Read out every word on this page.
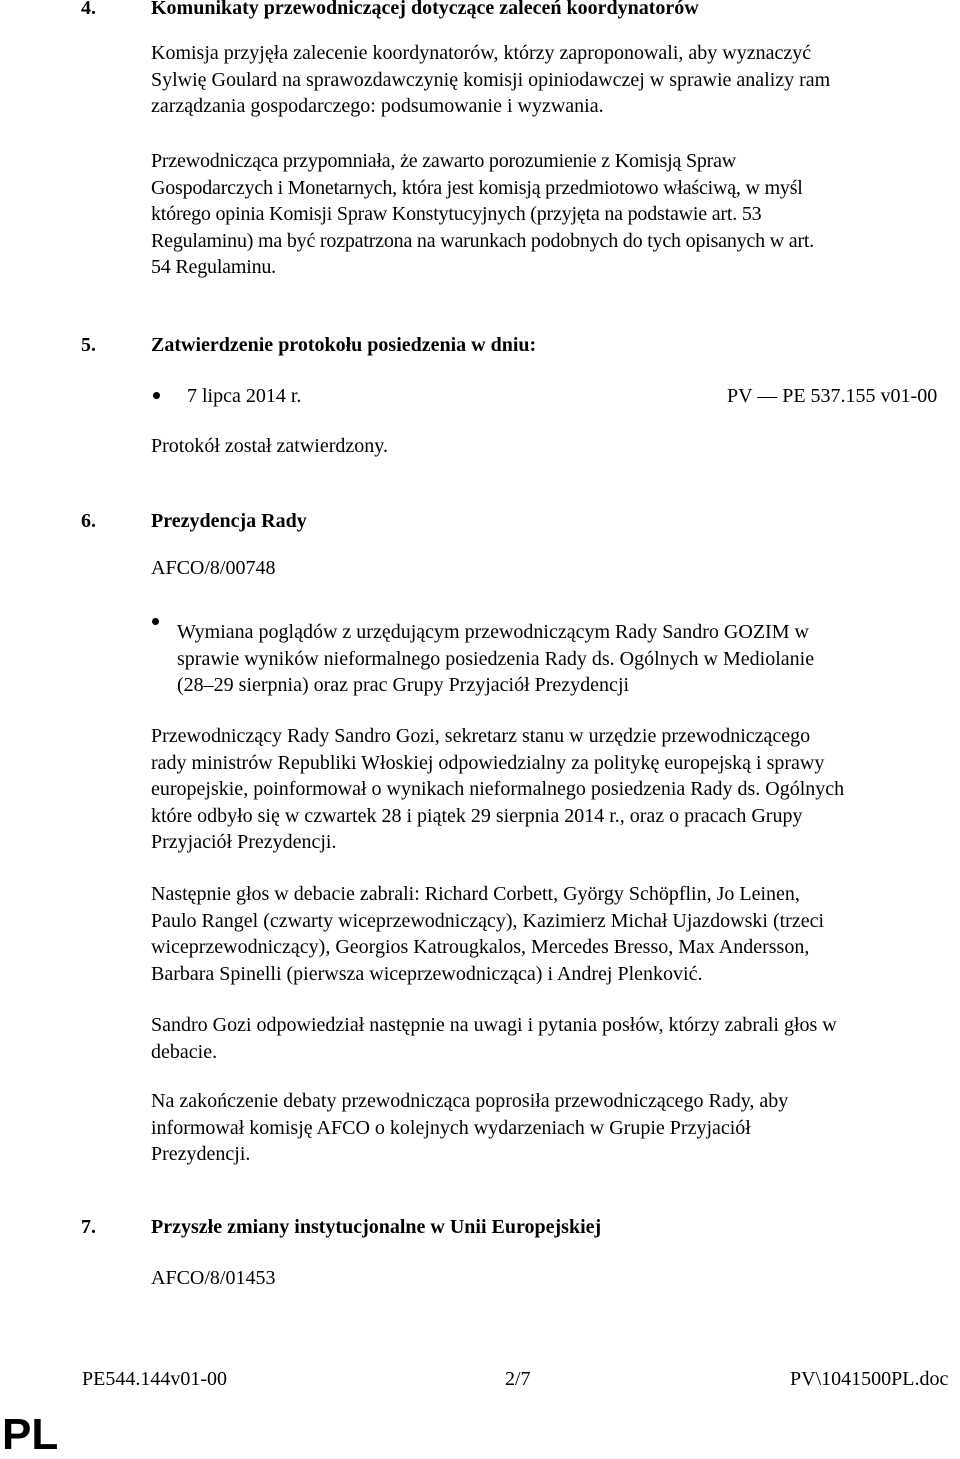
4.	Komunikaty przewodniczącej dotyczące zaleceń koordynatorów

Komisja przyjęła zalecenie koordynatorów, którzy zaproponowali, aby wyznaczyć

Sylwię Goulard na sprawozdawczynię komisji opiniodawczej w sprawie analizy ram

zarządzania gospodarczego: podsumowanie i wyzwania.

Przewodnicząca przypomniała, że zawarto porozumienie z Komisją Spraw

Gospodarczych i Monetarnych, która jest komisją przedmiotowo właściwą, w myśl

którego opinia Komisji Spraw Konstytucyjnych (przyjęta na podstawie art. 53

Regulaminu) ma być rozpatrzona na warunkach podobnych do tych opisanych w art.

54 Regulaminu.

5.	Zatwierdzenie protokołu posiedzenia w dniu:
7 lipca 2014 r.	PV — PE 537.155 v01-00
Protokół został zatwierdzony.
6.	Prezydencja Rady
AFCO/8/00748
Wymiana poglądów z urzędującym przewodniczącym Rady Sandro GOZIM w
sprawie wyników nieformalnego posiedzenia Rady ds. Ogólnych w Mediolanie
(28–29 sierpnia) oraz prac Grupy Przyjaciół Prezydencji

Przewodniczący Rady Sandro Gozi, sekretarz stanu w urzędzie przewodniczącego

rady ministrów Republiki Włoskiej odpowiedzialny za politykę europejską i sprawy

europejskie, poinformował o wynikach nieformalnego posiedzenia Rady ds. Ogólnych

które odbyło się w czwartek 28 i piątek 29 sierpnia 2014 r., oraz o pracach Grupy

Przyjaciół Prezydencji.

Następnie głos w debacie zabrali: Richard Corbett, György Schöpflin, Jo Leinen,

Paulo Rangel (czwarty wiceprzewodniczący), Kazimierz Michał Ujazdowski (trzeci

wiceprzewodniczący), Georgios Katrougkalos, Mercedes Bresso, Max Andersson,

Barbara Spinelli (pierwsza wiceprzewodnicząca) i Andrej Plenković.

Sandro Gozi odpowiedział następnie na uwagi i pytania posłów, którzy zabrali głos w

debacie.

Na zakończenie debaty przewodnicząca poprosiła przewodniczącego Rady, aby

informował komisję AFCO o kolejnych wydarzeniach w Grupie Przyjaciół

Prezydencji.

7.	Przyszłe zmiany instytucjonalne w Unii Europejskiej
AFCO/8/01453
PE544.144v01-00	2/7	PV\1041500PL.doc
PL
